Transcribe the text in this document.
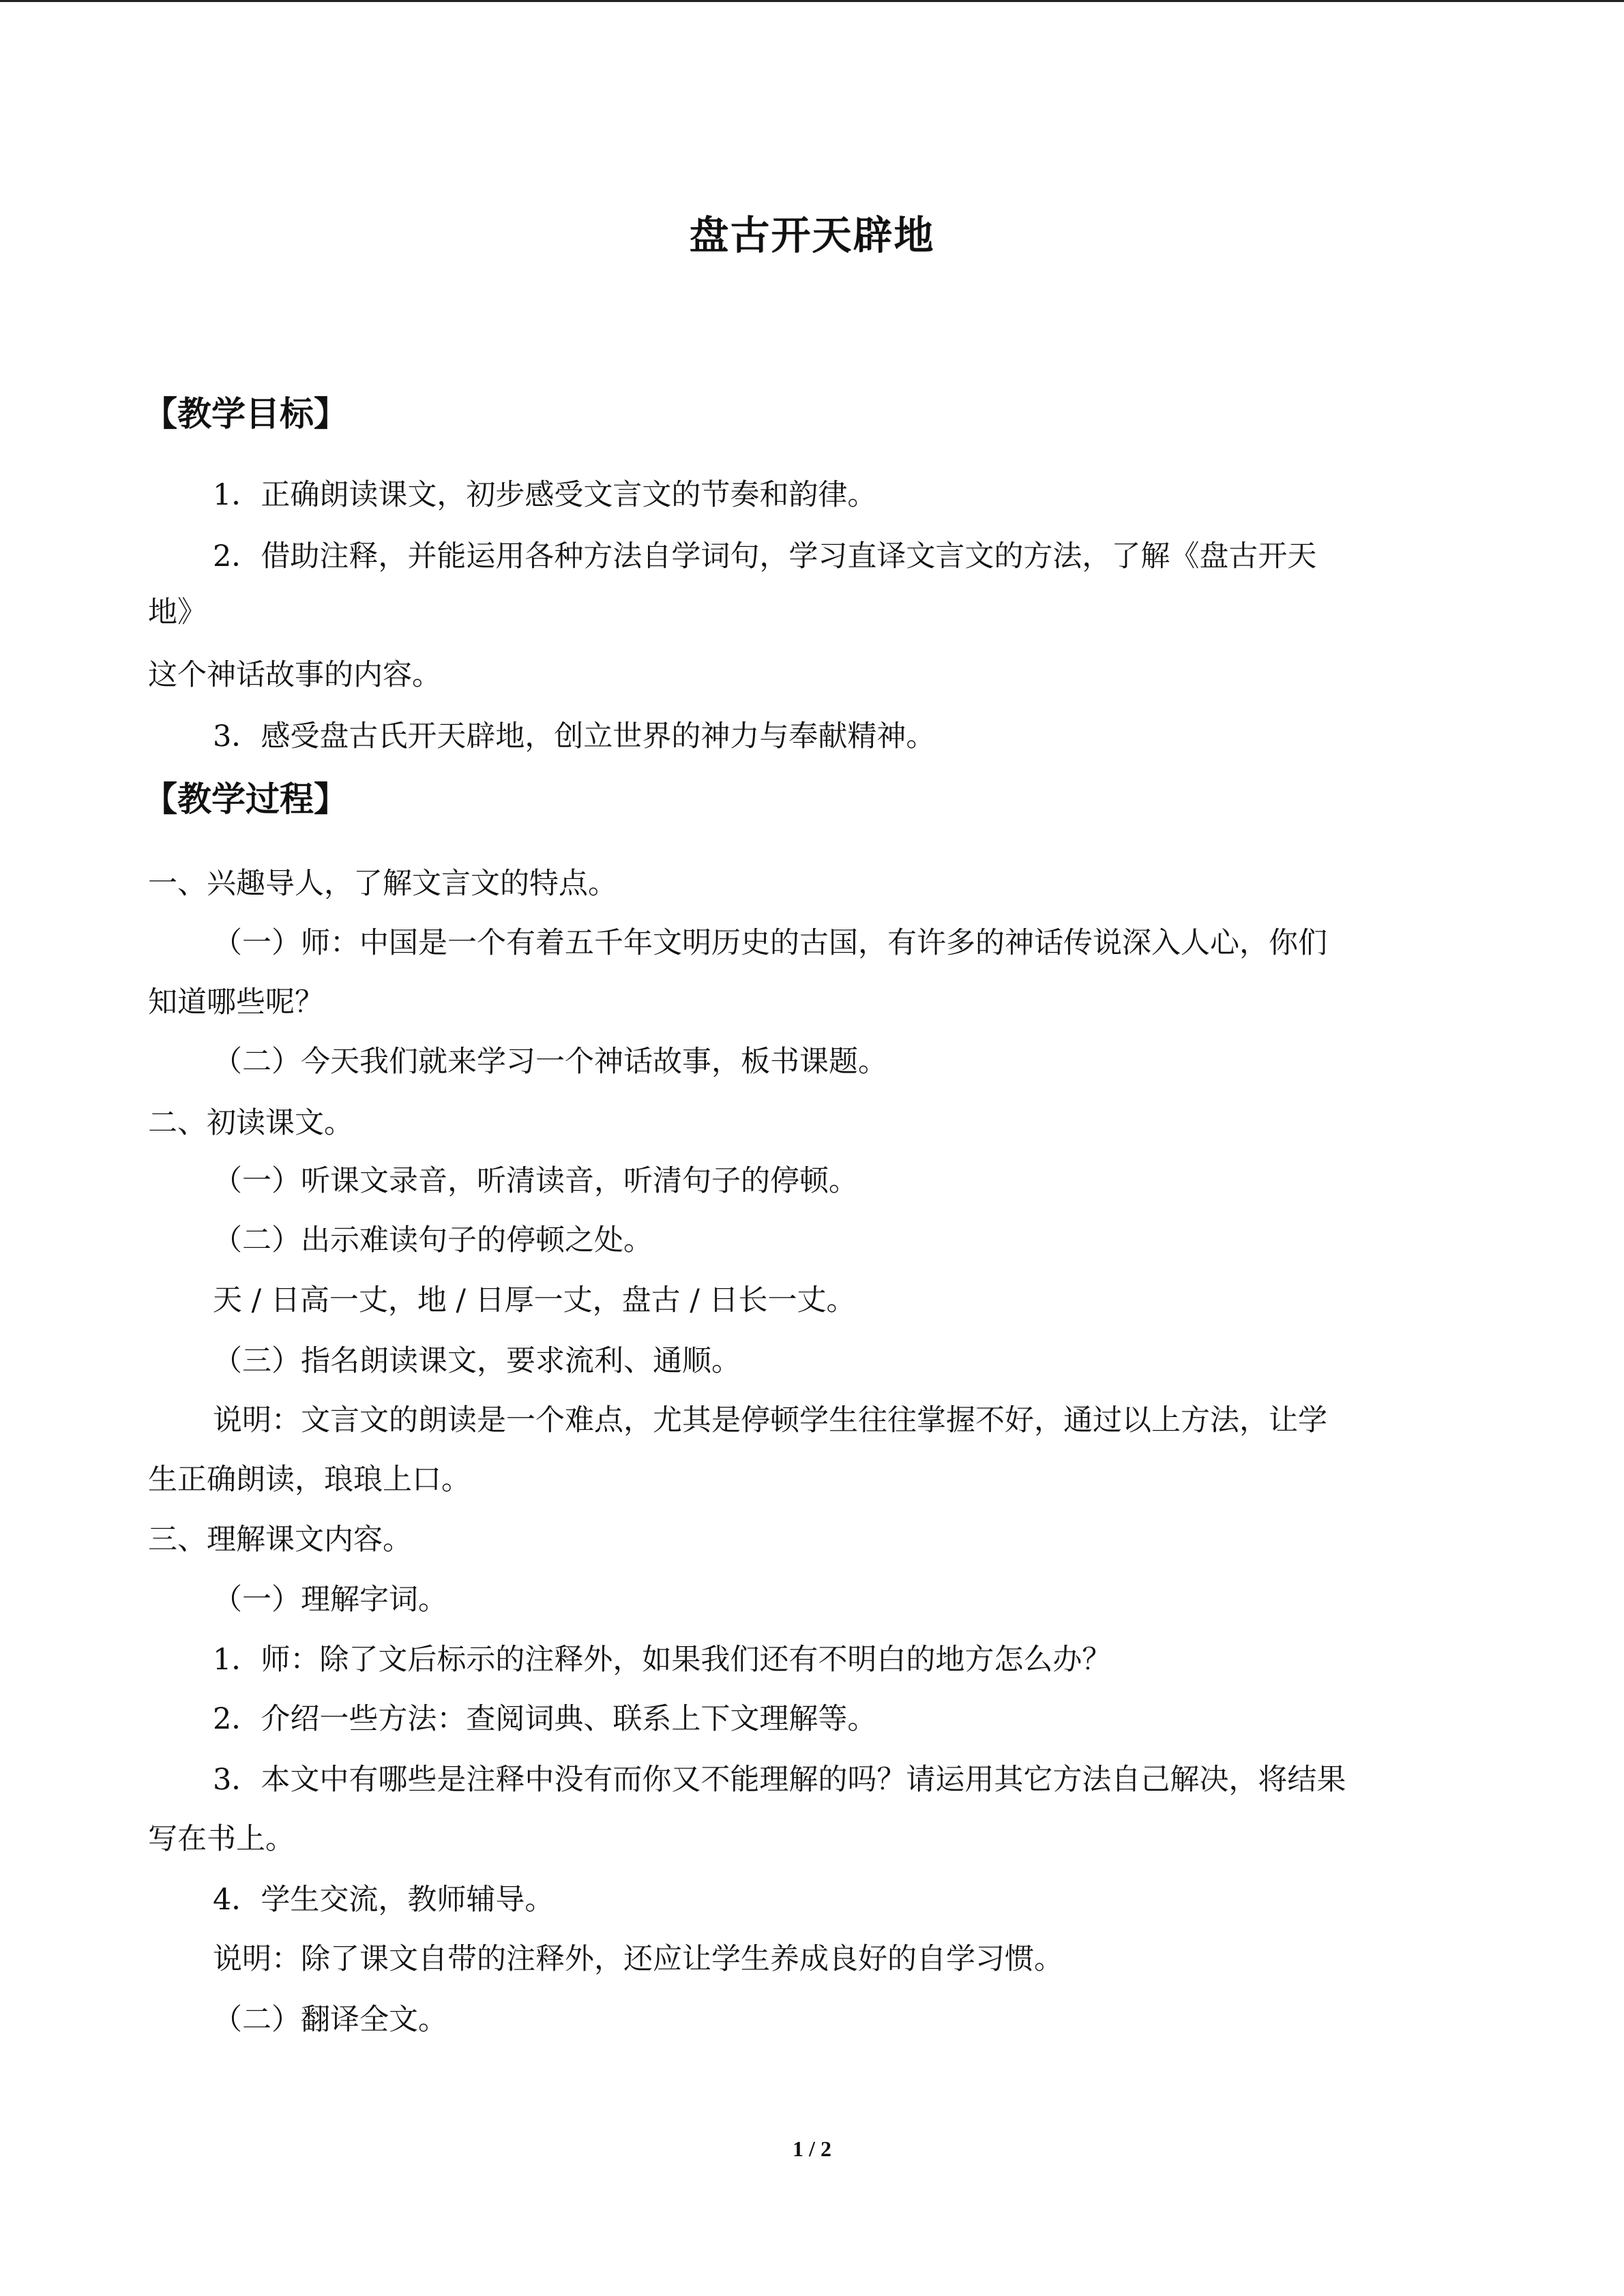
盘古开天辟地
【教学目标】
1．正确朗读课文，初步感受文言文的节奏和韵律。
2．借助注释，并能运用各种方法自学词句，学习直译文言文的方法，了解《盘古开天
地》
这个神话故事的内容。
3．感受盘古氏开天辟地，创立世界的神力与奉献精神。
【教学过程】
一、兴趣导人，了解文言文的特点。
（一）师：中国是一个有着五千年文明历史的古国，有许多的神话传说深入人心，你们
知道哪些呢？
（二）今天我们就来学习一个神话故事，板书课题。
二、初读课文。
（一）听课文录音，听清读音，听清句子的停顿。
（二）出示难读句子的停顿之处。
天 / 日高一丈，地 / 日厚一丈，盘古 / 日长一丈。
（三）指名朗读课文，要求流利、通顺。
说明：文言文的朗读是一个难点，尤其是停顿学生往往掌握不好，通过以上方法，让学
生正确朗读，琅琅上口。
三、理解课文内容。
（一）理解字词。
1．师：除了文后标示的注释外，如果我们还有不明白的地方怎么办？
2．介绍一些方法：查阅词典、联系上下文理解等。
3．本文中有哪些是注释中没有而你又不能理解的吗？请运用其它方法自己解决，将结果
写在书上。
4．学生交流，教师辅导。
说明：除了课文自带的注释外，还应让学生养成良好的自学习惯。
（二）翻译全文。
1 / 2
